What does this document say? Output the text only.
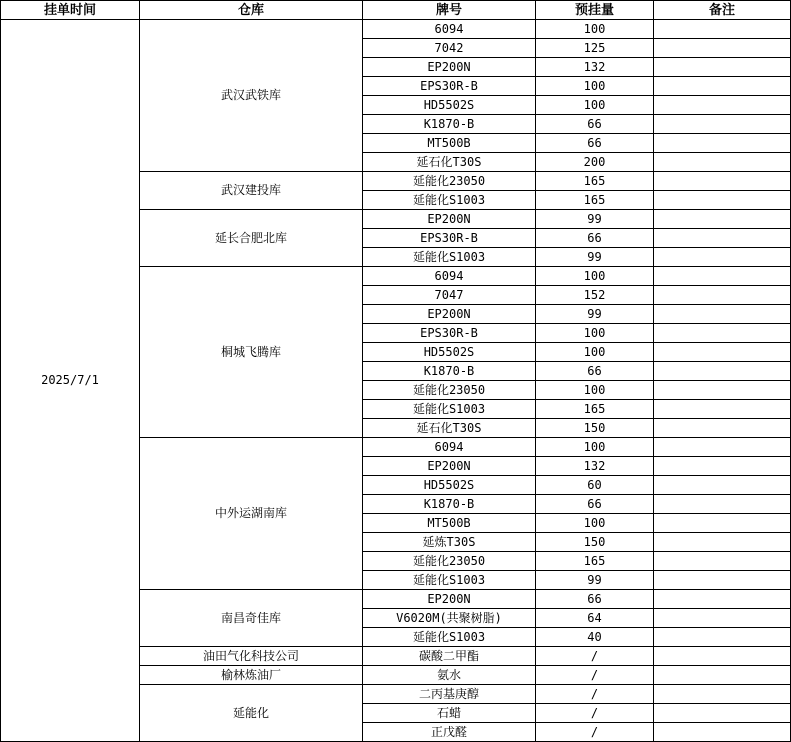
挂单时间	仓库	牌号	预挂量	备注
2025/7/1	武汉武铁库	6094	100	
		7042	125	
		EP200N	132	
		EPS30R-B	100	
		HD5502S	100	
		K1870-B	66	
		MT500B	66	
		延石化T30S	200	
	武汉建投库	延能化23050	165	
		延能化S1003	165	
	延长合肥北库	EP200N	99	
		EPS30R-B	66	
		延能化S1003	99	
	桐城飞腾库	6094	100	
		7047	152	
		EP200N	99	
		EPS30R-B	100	
		HD5502S	100	
		K1870-B	66	
		延能化23050	100	
		延能化S1003	165	
		延石化T30S	150	
	中外运湖南库	6094	100	
		EP200N	132	
		HD5502S	60	
		K1870-B	66	
		MT500B	100	
		延炼T30S	150	
		延能化23050	165	
		延能化S1003	99	
	南昌奇佳库	EP200N	66	
		V6020M(共聚树脂)	64	
		延能化S1003	40	
	油田气化科技公司	碳酸二甲酯	/	
	榆林炼油厂	氨水	/	
	延能化	二丙基庚醇	/	
		石蜡	/	
		正戊醛	/	
